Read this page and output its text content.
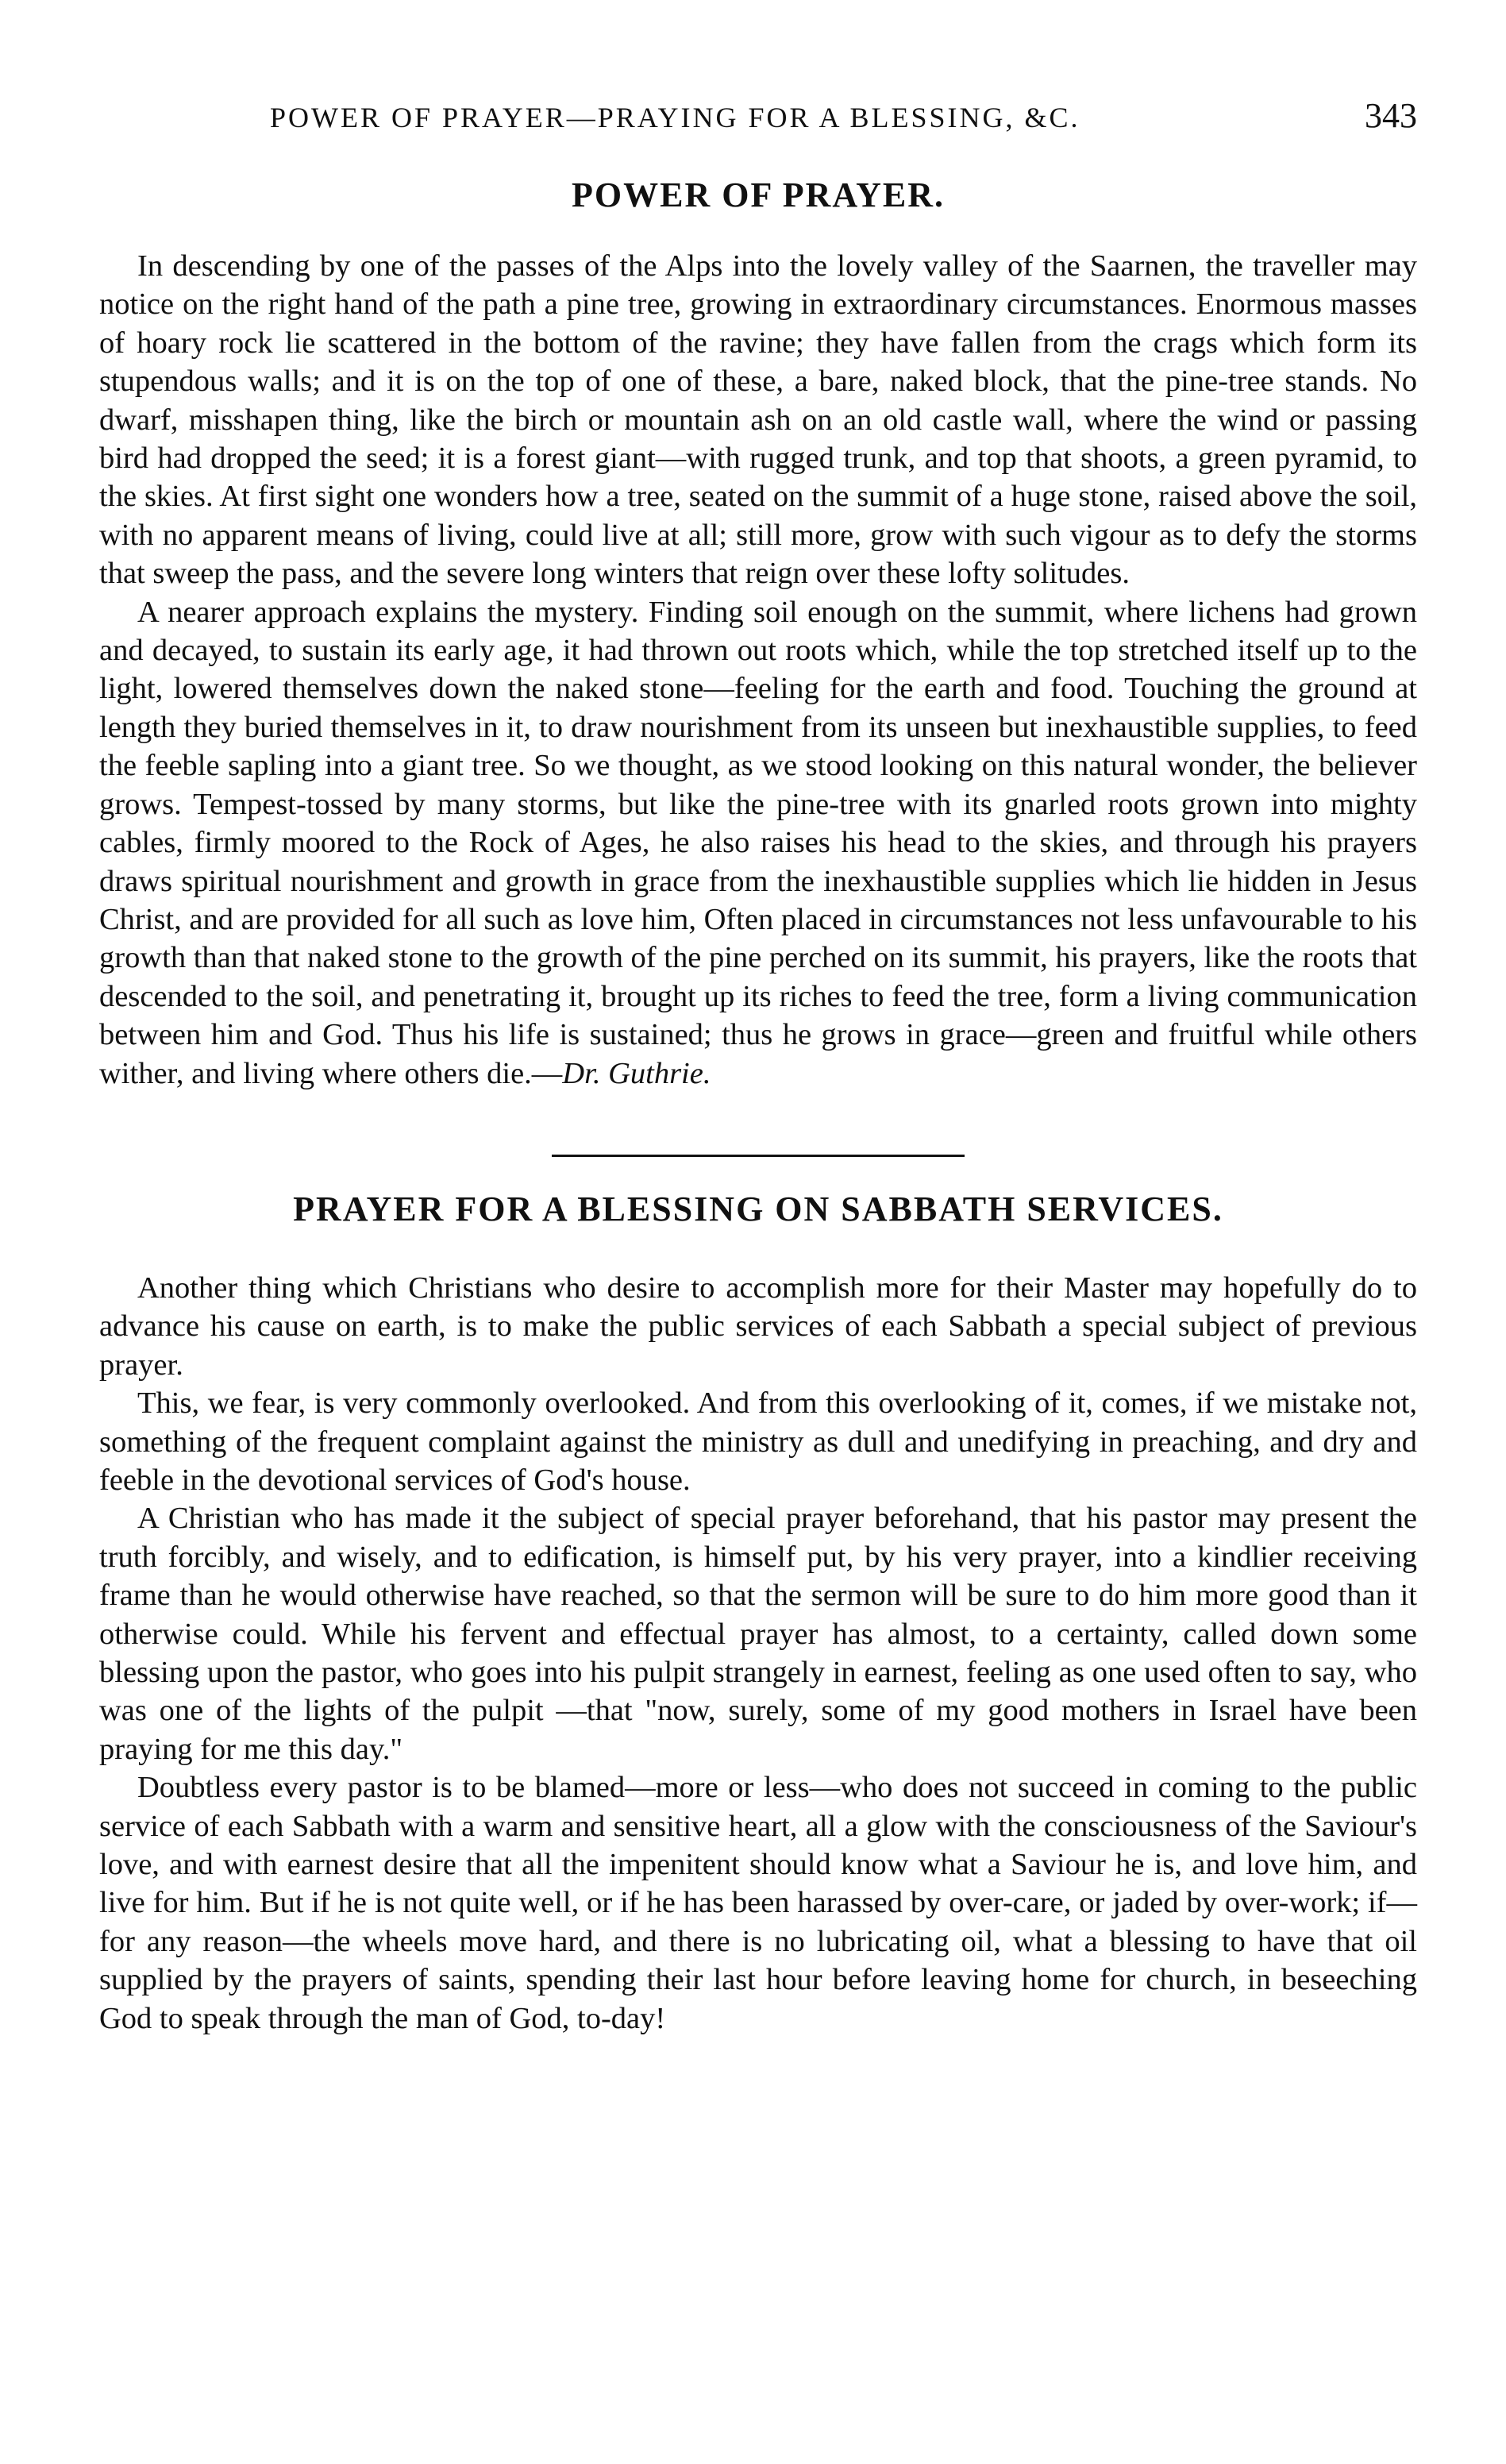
POWER OF PRAYER—PRAYING FOR A BLESSING, &C.	343
POWER OF PRAYER.

In descending by one of the passes of the Alps into the lovely valley of the Saarnen, the traveller may notice on the right hand of the path a pine tree, growing in extraordinary circumstances. Enormous masses of hoary rock lie scattered in the bottom of the ravine; they have fallen from the crags which form its stupendous walls; and it is on the top of one of these, a bare, naked block, that the pine-tree stands. No dwarf, misshapen thing, like the birch or mountain ash on an old castle wall, where the wind or passing bird had dropped the seed; it is a forest giant—with rugged trunk, and top that shoots, a green pyramid, to the skies. At first sight one wonders how a tree, seated on the summit of a huge stone, raised above the soil, with no apparent means of living, could live at all; still more, grow with such vigour as to defy the storms that sweep the pass, and the severe long winters that reign over these lofty solitudes.

A nearer approach explains the mystery. Finding soil enough on the summit, where lichens had grown and decayed, to sustain its early age, it had thrown out roots which, while the top stretched itself up to the light, lowered themselves down the naked stone—feeling for the earth and food. Touching the ground at length they buried themselves in it, to draw nourishment from its unseen but inexhaustible supplies, to feed the feeble sapling into a giant tree. So we thought, as we stood looking on this natural wonder, the believer grows. Tempest-tossed by many storms, but like the pine-tree with its gnarled roots grown into mighty cables, firmly moored to the Rock of Ages, he also raises his head to the skies, and through his prayers draws spiritual nourishment and growth in grace from the inexhaustible supplies which lie hidden in Jesus Christ, and are provided for all such as love him, Often placed in circumstances not less unfavourable to his growth than that naked stone to the growth of the pine perched on its summit, his prayers, like the roots that descended to the soil, and penetrating it, brought up its riches to feed the tree, form a living communication between him and God. Thus his life is sustained; thus he grows in grace—green and fruitful while others wither, and living where others die.—Dr. Guthrie.

PRAYER FOR A BLESSING ON SABBATH SERVICES.

Another thing which Christians who desire to accomplish more for their Master may hopefully do to advance his cause on earth, is to make the public services of each Sabbath a special subject of previous prayer.

This, we fear, is very commonly overlooked. And from this overlooking of it, comes, if we mistake not, something of the frequent complaint against the ministry as dull and unedifying in preaching, and dry and feeble in the devotional services of God's house.

A Christian who has made it the subject of special prayer beforehand, that his pastor may present the truth forcibly, and wisely, and to edification, is himself put, by his very prayer, into a kindlier receiving frame than he would otherwise have reached, so that the sermon will be sure to do him more good than it otherwise could. While his fervent and effectual prayer has almost, to a certainty, called down some blessing upon the pastor, who goes into his pulpit strangely in earnest, feeling as one used often to say, who was one of the lights of the pulpit —that "now, surely, some of my good mothers in Israel have been praying for me this day."

Doubtless every pastor is to be blamed—more or less—who does not succeed in coming to the public service of each Sabbath with a warm and sensitive heart, all a glow with the consciousness of the Saviour's love, and with earnest desire that all the impenitent should know what a Saviour he is, and love him, and live for him. But if he is not quite well, or if he has been harassed by over-care, or jaded by over-work; if—for any reason—the wheels move hard, and there is no lubricating oil, what a blessing to have that oil supplied by the prayers of saints, spending their last hour before leaving home for church, in beseeching God to speak through the man of God, to-day!
